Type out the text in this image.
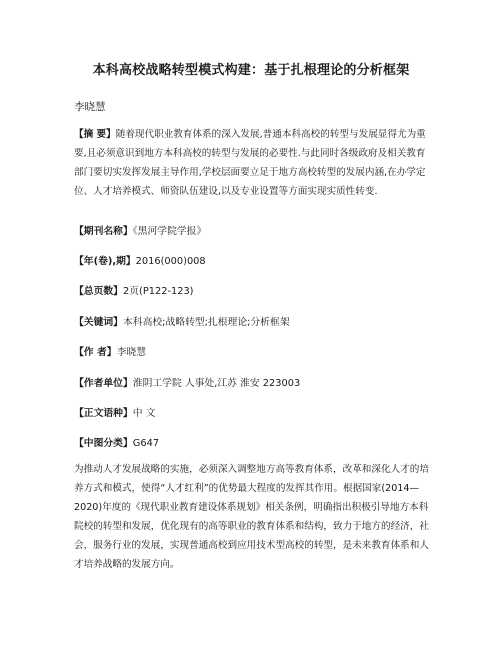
本科高校战略转型模式构建：基于扎根理论的分析框架
李晓慧
【摘 要】随着现代职业教育体系的深入发展,普通本科高校的转型与发展显得尤为重要,且必须意识到地方本科高校的转型与发展的必要性.与此同时各级政府及相关教育部门要切实发挥发展主导作用,学校层面要立足于地方高校转型的发展内涵,在办学定位、人才培养模式、师资队伍建设,以及专业设置等方面实现实质性转变.
【期刊名称】《黑河学院学报》
【年(卷),期】2016(000)008
【总页数】2页(P122-123)
【关键词】本科高校;战略转型;扎根理论;分析框架
【作 者】李晓慧
【作者单位】淮阴工学院 人事处,江苏 淮安 223003
【正文语种】中 文
【中图分类】G647
为推动人才发展战略的实施，必须深入调整地方高等教育体系，改革和深化人才的培养方式和模式，使得“人才红利”的优势最大程度的发挥其作用。根据国家(2014—2020)年度的《现代职业教育建设体系规划》相关条例，明确指出积极引导地方本科院校的转型和发展，优化现有的高等职业的教育体系和结构，致力于地方的经济，社会，服务行业的发展，实现普通高校到应用技术型高校的转型，是未来教育体系和人才培养战略的发展方向。
